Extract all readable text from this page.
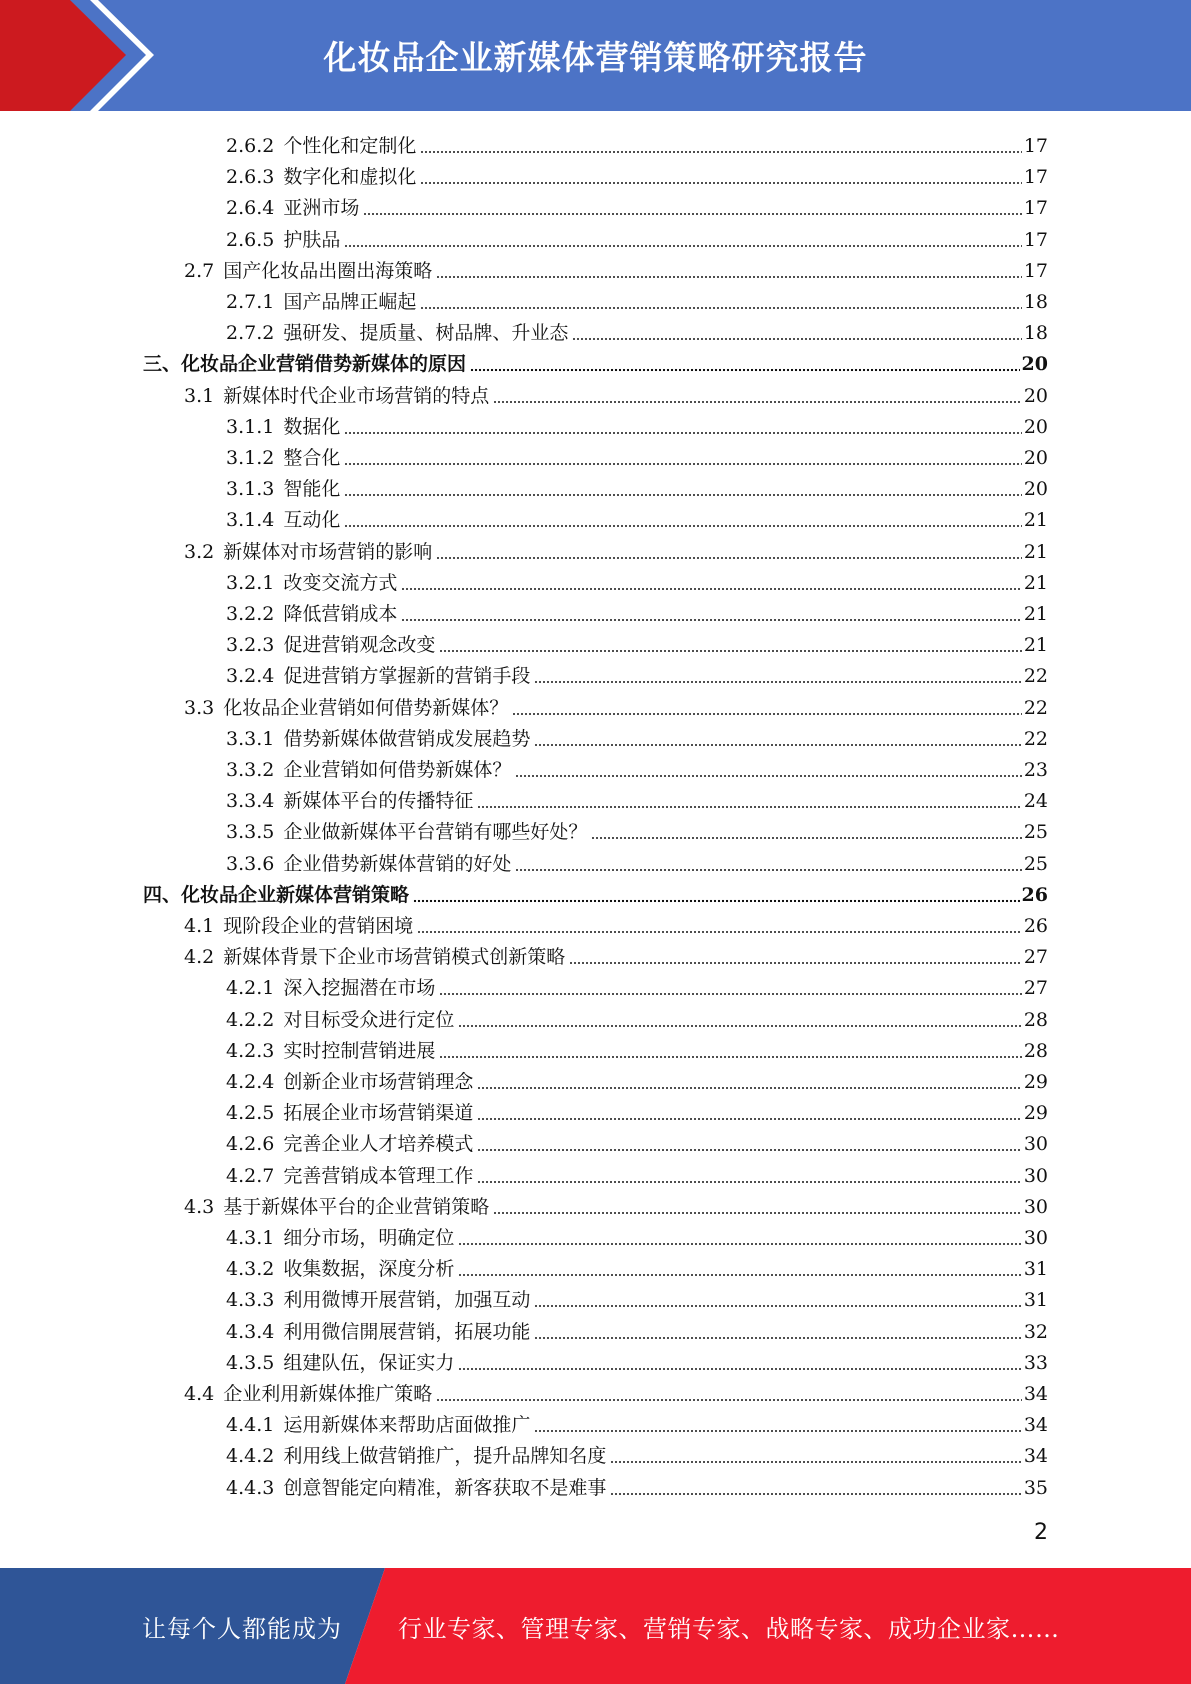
化妆品企业新媒体营销策略研究报告
2.6.2 个性化和定制化	17
2.6.3 数字化和虚拟化	17
2.6.4 亚洲市场	17
2.6.5 护肤品	17
2.7 国产化妆品出圈出海策略	17
2.7.1 国产品牌正崛起	18
2.7.2 强研发、提质量、树品牌、升业态	18
三、化妆品企业营销借势新媒体的原因	20
3.1 新媒体时代企业市场营销的特点	20
3.1.1 数据化	20
3.1.2 整合化	20
3.1.3 智能化	20
3.1.4 互动化	21
3.2 新媒体对市场营销的影响	21
3.2.1 改变交流方式	21
3.2.2 降低营销成本	21
3.2.3 促进营销观念改变	21
3.2.4 促进营销方掌握新的营销手段	22
3.3 化妆品企业营销如何借势新媒体？	22
3.3.1 借势新媒体做营销成发展趋势	22
3.3.2 企业营销如何借势新媒体？	23
3.3.4 新媒体平台的传播特征	24
3.3.5 企业做新媒体平台营销有哪些好处？	25
3.3.6 企业借势新媒体营销的好处	25
四、化妆品企业新媒体营销策略	26
4.1 现阶段企业的营销困境	26
4.2 新媒体背景下企业市场营销模式创新策略	27
4.2.1 深入挖掘潜在市场	27
4.2.2 对目标受众进行定位	28
4.2.3 实时控制营销进展	28
4.2.4 创新企业市场营销理念	29
4.2.5 拓展企业市场营销渠道	29
4.2.6 完善企业人才培养模式	30
4.2.7 完善营销成本管理工作	30
4.3 基于新媒体平台的企业营销策略	30
4.3.1 细分市场，明确定位	30
4.3.2 收集数据，深度分析	31
4.3.3 利用微博开展营销，加强互动	31
4.3.4 利用微信開展营销，拓展功能	32
4.3.5 组建队伍，保证实力	33
4.4 企业利用新媒体推广策略	34
4.4.1 运用新媒体来帮助店面做推广	34
4.4.2 利用线上做营销推广，提升品牌知名度	34
4.4.3 创意智能定向精准，新客获取不是难事	35
2
让每个人都能成为 行业专家、管理专家、营销专家、战略专家、成功企业家……
